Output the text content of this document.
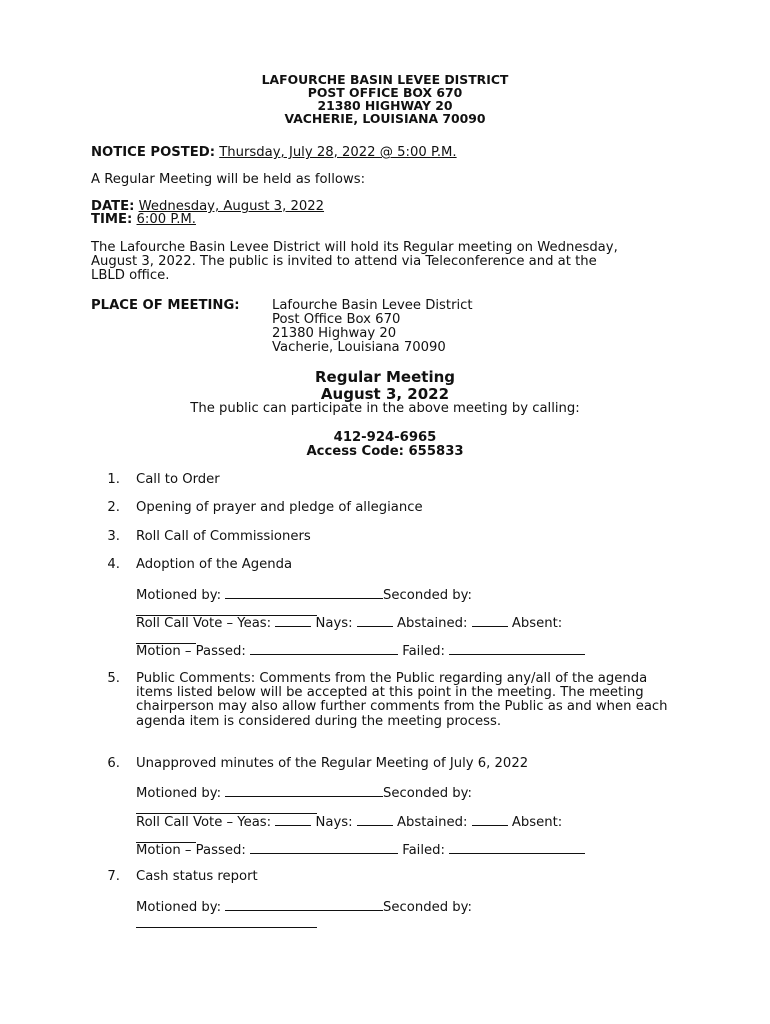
LAFOURCHE BASIN LEVEE DISTRICT
POST OFFICE BOX 670
21380 HIGHWAY 20
VACHERIE, LOUISIANA 70090
NOTICE POSTED: Thursday, July 28, 2022 @ 5:00 P.M.
A Regular Meeting will be held as follows:
DATE: Wednesday, August 3, 2022
TIME: 6:00 P.M.
The Lafourche Basin Levee District will hold its Regular meeting on Wednesday, August 3, 2022. The public is invited to attend via Teleconference and at the LBLD office.
PLACE OF MEETING: Lafourche Basin Levee District
Post Office Box 670
21380 Highway 20
Vacherie, Louisiana 70090
Regular Meeting
August 3, 2022
The public can participate in the above meeting by calling:
412-924-6965
Access Code: 655833
1. Call to Order
2. Opening of prayer and pledge of allegiance
3. Roll Call of Commissioners
4. Adoption of the Agenda
Motioned by:	Seconded by:
Roll Call Vote – Yeas:	Nays:	Abstained:	Absent:
Motion – Passed:	Failed:
5. Public Comments: Comments from the Public regarding any/all of the agenda items listed below will be accepted at this point in the meeting. The meeting chairperson may also allow further comments from the Public as and when each agenda item is considered during the meeting process.
6. Unapproved minutes of the Regular Meeting of July 6, 2022
Motioned by:	Seconded by:
Roll Call Vote – Yeas:	Nays:	Abstained:	Absent:
Motion – Passed:	Failed:
7. Cash status report
Motioned by:	Seconded by:
